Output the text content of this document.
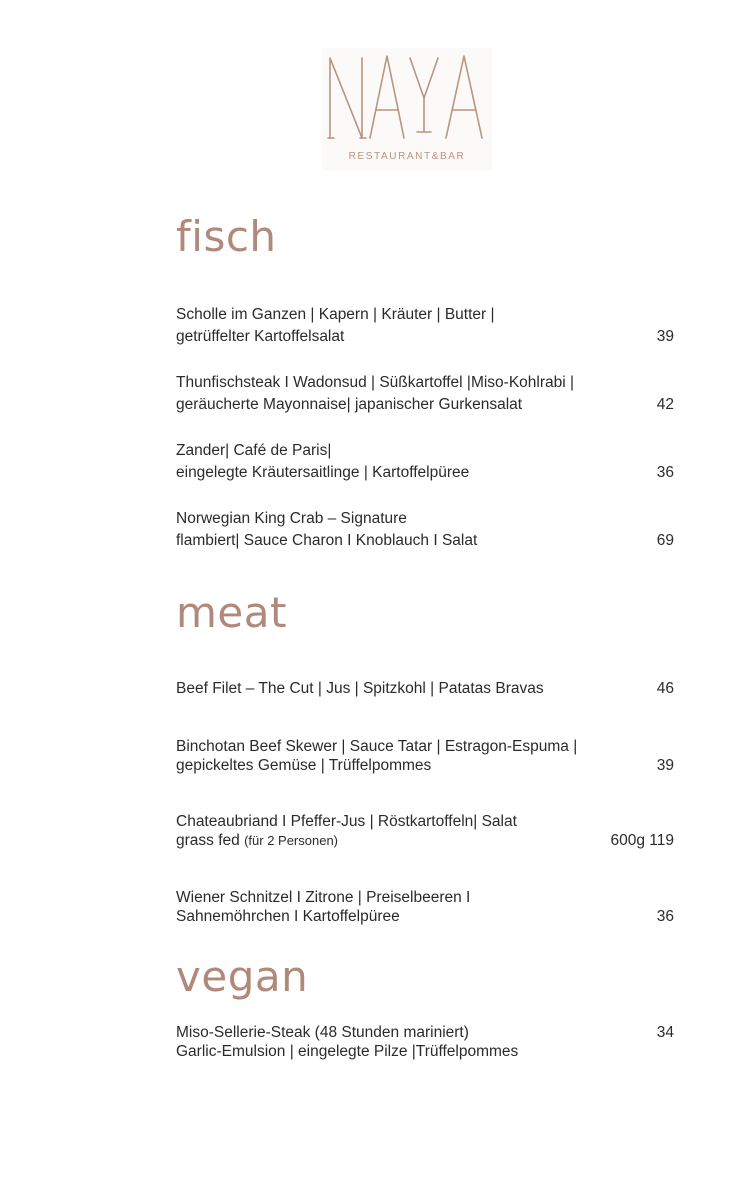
RESTAURANT&BAR
fisch
Scholle im Ganzen | Kapern | Kräuter | Butter |
getrüffelter Kartoffelsalat	39
Thunfischsteak I Wadonsud | Süßkartoffel |Miso-Kohlrabi |
geräucherte Mayonnaise| japanischer Gurkensalat	42
Zander| Café de Paris|
eingelegte Kräutersaitlinge | Kartoffelpüree	36
Norwegian King Crab – Signature
flambiert| Sauce Charon I Knoblauch I Salat	69
meat
Beef Filet – The Cut | Jus | Spitzkohl | Patatas Bravas	46
Binchotan Beef Skewer | Sauce Tatar | Estragon-Espuma |
gepickeltes Gemüse | Trüffelpommes	39
Chateaubriand I Pfeffer-Jus | Röstkartoffeln| Salat
grass fed (für 2 Personen)	600g 119
Wiener Schnitzel I Zitrone | Preiselbeeren I
Sahnemöhrchen I Kartoffelpüree	36
vegan
Miso-Sellerie-Steak (48 Stunden mariniert)	34
Garlic-Emulsion | eingelegte Pilze |Trüffelpommes
